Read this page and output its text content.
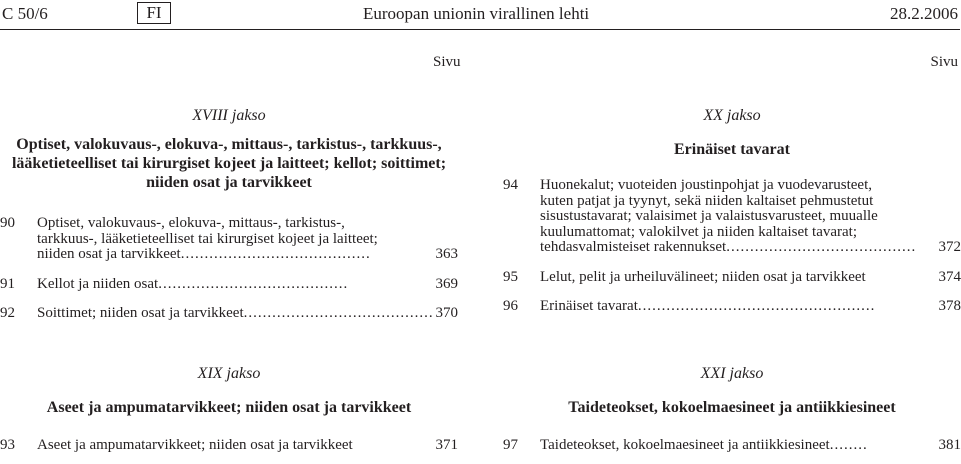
C 50/6	FI	Euroopan unionin virallinen lehti	28.2.2006
Sivu	Sivu
XVIII jakso
Optiset, valokuvaus-, elokuva-, mittaus-, tarkistus-, tarkkuus-,
lääketieteelliset tai kirurgiset kojeet ja laitteet; kellot; soittimet;
niiden osat ja tarvikkeet
90 Optiset, valokuvaus-, elokuva-, mittaus-, tarkistus-,
tarkkuus-, lääketieteelliset tai kirurgiset kojeet ja laitteet;
niiden osat ja tarvikkeet ........................................	363
91 Kellot ja niiden osat ........................................	369
92 Soittimet; niiden osat ja tarvikkeet ........................................ 370
XX jakso
Erinäiset tavarat
94 Huonekalut; vuoteiden joustinpohjat ja vuodevarusteet,
kuten patjat ja tyynyt, sekä niiden kaltaiset pehmustetut
sisustustavarat; valaisimet ja valaistusvarusteet, muualle
kuulumattomat; valokilvet ja niiden kaltaiset tavarat;
tehdasvalmisteiset rakennukset ........................................ 372
95 Lelut, pelit ja urheiluvälineet; niiden osat ja tarvikkeet	374
96 Erinäiset tavarat ..................................................	378
XIX jakso
Aseet ja ampumatarvikkeet; niiden osat ja tarvikkeet
93 Aseet ja ampumatarvikkeet; niiden osat ja tarvikkeet	371
XXI jakso
Taideteokset, kokoelmaesineet ja antiikkiesineet
97 Taideteokset, kokoelmaesineet ja antiikkiesineet ........	381
